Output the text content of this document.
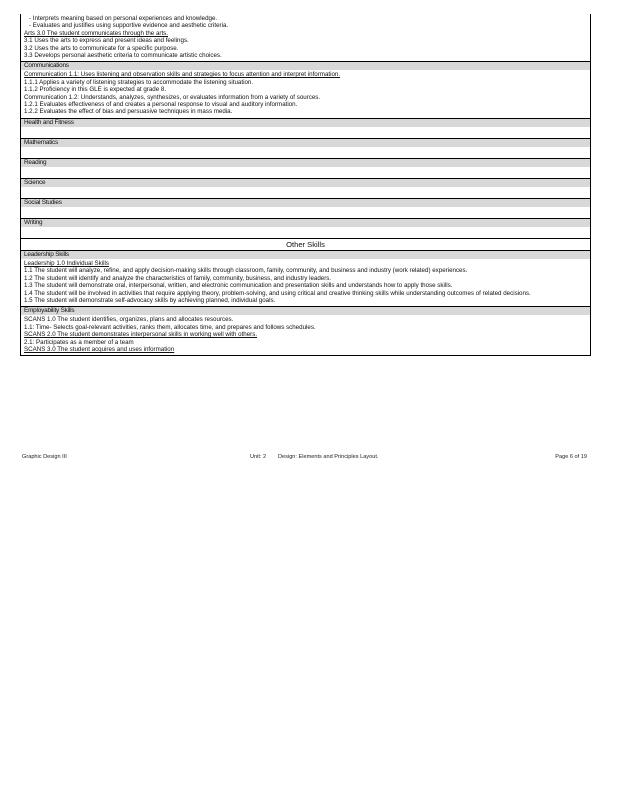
- Interprets meaning based on personal experiences and knowledge.
- Evaluates and justifies using supportive evidence and aesthetic criteria.
Arts 3.0 The student communicates through the arts.
3.1 Uses the arts to express and present ideas and feelings.
3.2 Uses the arts to communicate for a specific purpose.
3.3 Develops personal aesthetic criteria to communicate artistic choices.
Communications
Communication 1.1: Uses listening and observation skills and strategies to focus attention and interpret information.
1.1.1 Applies a variety of listening strategies to accommodate the listening situation.
1.1.2 Proficiency in this GLE is expected at grade 8.
Communication 1.2: Understands, analyzes, synthesizes, or evaluates information from a variety of sources.
1.2.1 Evaluates effectiveness of and creates a personal response to visual and auditory information.
1.2.2 Evaluates the effect of bias and persuasive techniques in mass media.
Health and Fitness
Mathematics
Reading
Science
Social Studies
Writing
Other Skills
Leadership Skills
Leadership 1.0 Individual Skills
1.1 The student will analyze, refine, and apply decision-making skills through classroom, family, community, and business and industry (work related) experiences.
1.2 The student will identify and analyze the characteristics of family, community, business, and industry leaders.
1.3 The student will demonstrate oral, interpersonal, written, and electronic communication and presentation skills and understands how to apply those skills.
1.4 The student will be involved in activities that require applying theory, problem-solving, and using critical and creative thinking skills while understanding outcomes of related decisions.
1.5 The student will demonstrate self-advocacy skills by achieving planned, individual goals.
Employability Skills
SCANS 1.0 The student identifies, organizes, plans and allocates resources.
1.1: Time- Selects goal-relevant activities, ranks them, allocates time, and prepares and follows schedules.
SCANS 2.0 The student demonstrates interpersonal skills in working well with others.
2.1: Participates as a member of a team
SCANS 3.0 The student acquires and uses information
Graphic Design III	Unit: 2 Design: Elements and Principles Layout.	Page 6 of 19
